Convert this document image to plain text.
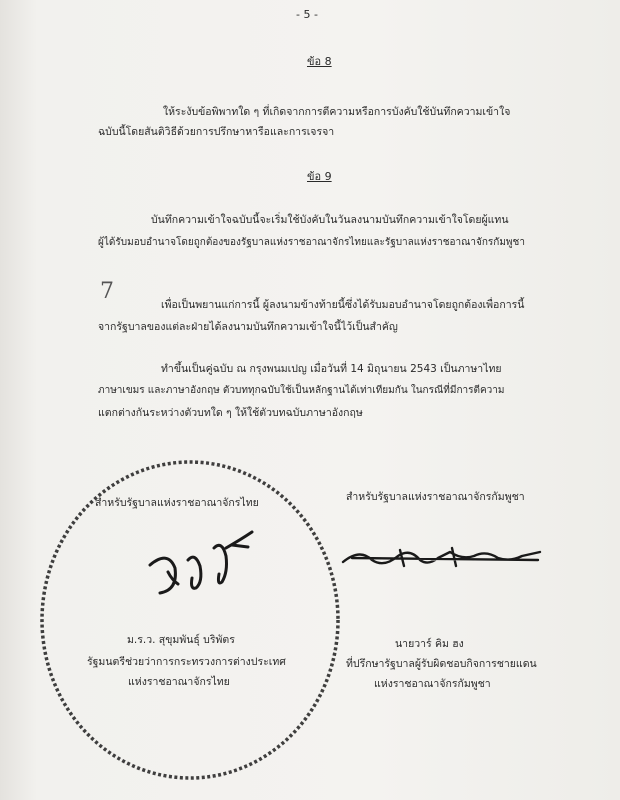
- 5 -
ข้อ 8
ให้ระงับข้อพิพาทใด ๆ ที่เกิดจากการตีความหรือการบังคับใช้บันทึกความเข้าใจ
ฉบับนี้โดยสันติวิธีด้วยการปรึกษาหารือและการเจรจา
ข้อ 9
บันทึกความเข้าใจฉบับนี้จะเริ่มใช้บังคับในวันลงนามบันทึกความเข้าใจโดยผู้แทน
ผู้ได้รับมอบอำนาจโดยถูกต้องของรัฐบาลแห่งราชอาณาจักรไทยและรัฐบาลแห่งราชอาณาจักรกัมพูชา
7
เพื่อเป็นพยานแก่การนี้ ผู้ลงนามข้างท้ายนี้ซึ่งได้รับมอบอำนาจโดยถูกต้องเพื่อการนี้
จากรัฐบาลของแต่ละฝ่ายได้ลงนามบันทึกความเข้าใจนี้ไว้เป็นสำคัญ
ทำขึ้นเป็นคู่ฉบับ ณ กรุงพนมเปญ เมื่อวันที่ 14 มิถุนายน 2543 เป็นภาษาไทย
ภาษาเขมร และภาษาอังกฤษ ตัวบททุกฉบับใช้เป็นหลักฐานได้เท่าเทียมกัน ในกรณีที่มีการตีความ
แตกต่างกันระหว่างตัวบทใด ๆ ให้ใช้ตัวบทฉบับภาษาอังกฤษ
สำหรับรัฐบาลแห่งราชอาณาจักรไทย
ม.ร.ว. สุขุมพันธุ์ บริพัตร
รัฐมนตรีช่วยว่าการกระทรวงการต่างประเทศ
แห่งราชอาณาจักรไทย
สำหรับรัฐบาลแห่งราชอาณาจักรกัมพูชา
นายวาร์ คิม ฮง
ที่ปรึกษารัฐบาลผู้รับผิดชอบกิจการชายแดน
แห่งราชอาณาจักรกัมพูชา
